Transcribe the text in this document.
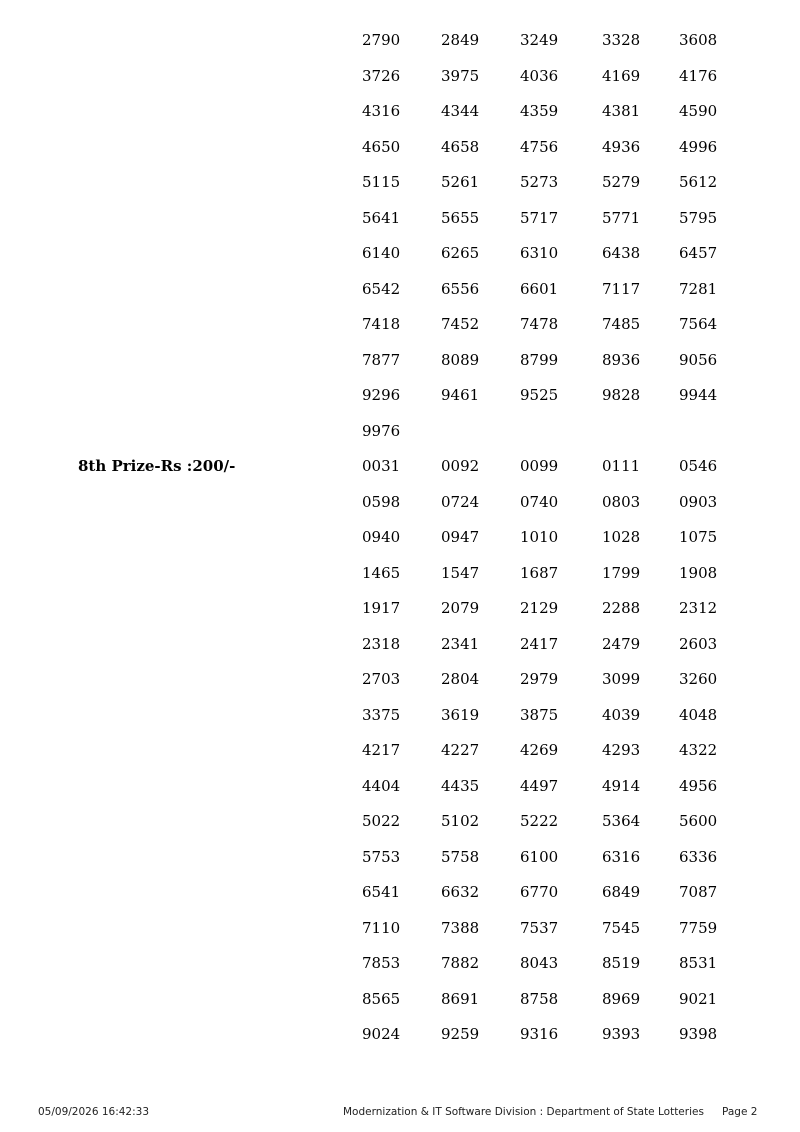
2790	2849	3249	3328	3608
3726	3975	4036	4169	4176
4316	4344	4359	4381	4590
4650	4658	4756	4936	4996
5115	5261	5273	5279	5612
5641	5655	5717	5771	5795
6140	6265	6310	6438	6457
6542	6556	6601	7117	7281
7418	7452	7478	7485	7564
7877	8089	8799	8936	9056
9296	9461	9525	9828	9944
9976
8th Prize-Rs :200/-	0031	0092	0099	0111	0546
0598	0724	0740	0803	0903
0940	0947	1010	1028	1075
1465	1547	1687	1799	1908
1917	2079	2129	2288	2312
2318	2341	2417	2479	2603
2703	2804	2979	3099	3260
3375	3619	3875	4039	4048
4217	4227	4269	4293	4322
4404	4435	4497	4914	4956
5022	5102	5222	5364	5600
5753	5758	6100	6316	6336
6541	6632	6770	6849	7087
7110	7388	7537	7545	7759
7853	7882	8043	8519	8531
8565	8691	8758	8969	9021
9024	9259	9316	9393	9398
05/09/2026 16:42:33	Modernization & IT Software Division : Department of State Lotteries Page 2
